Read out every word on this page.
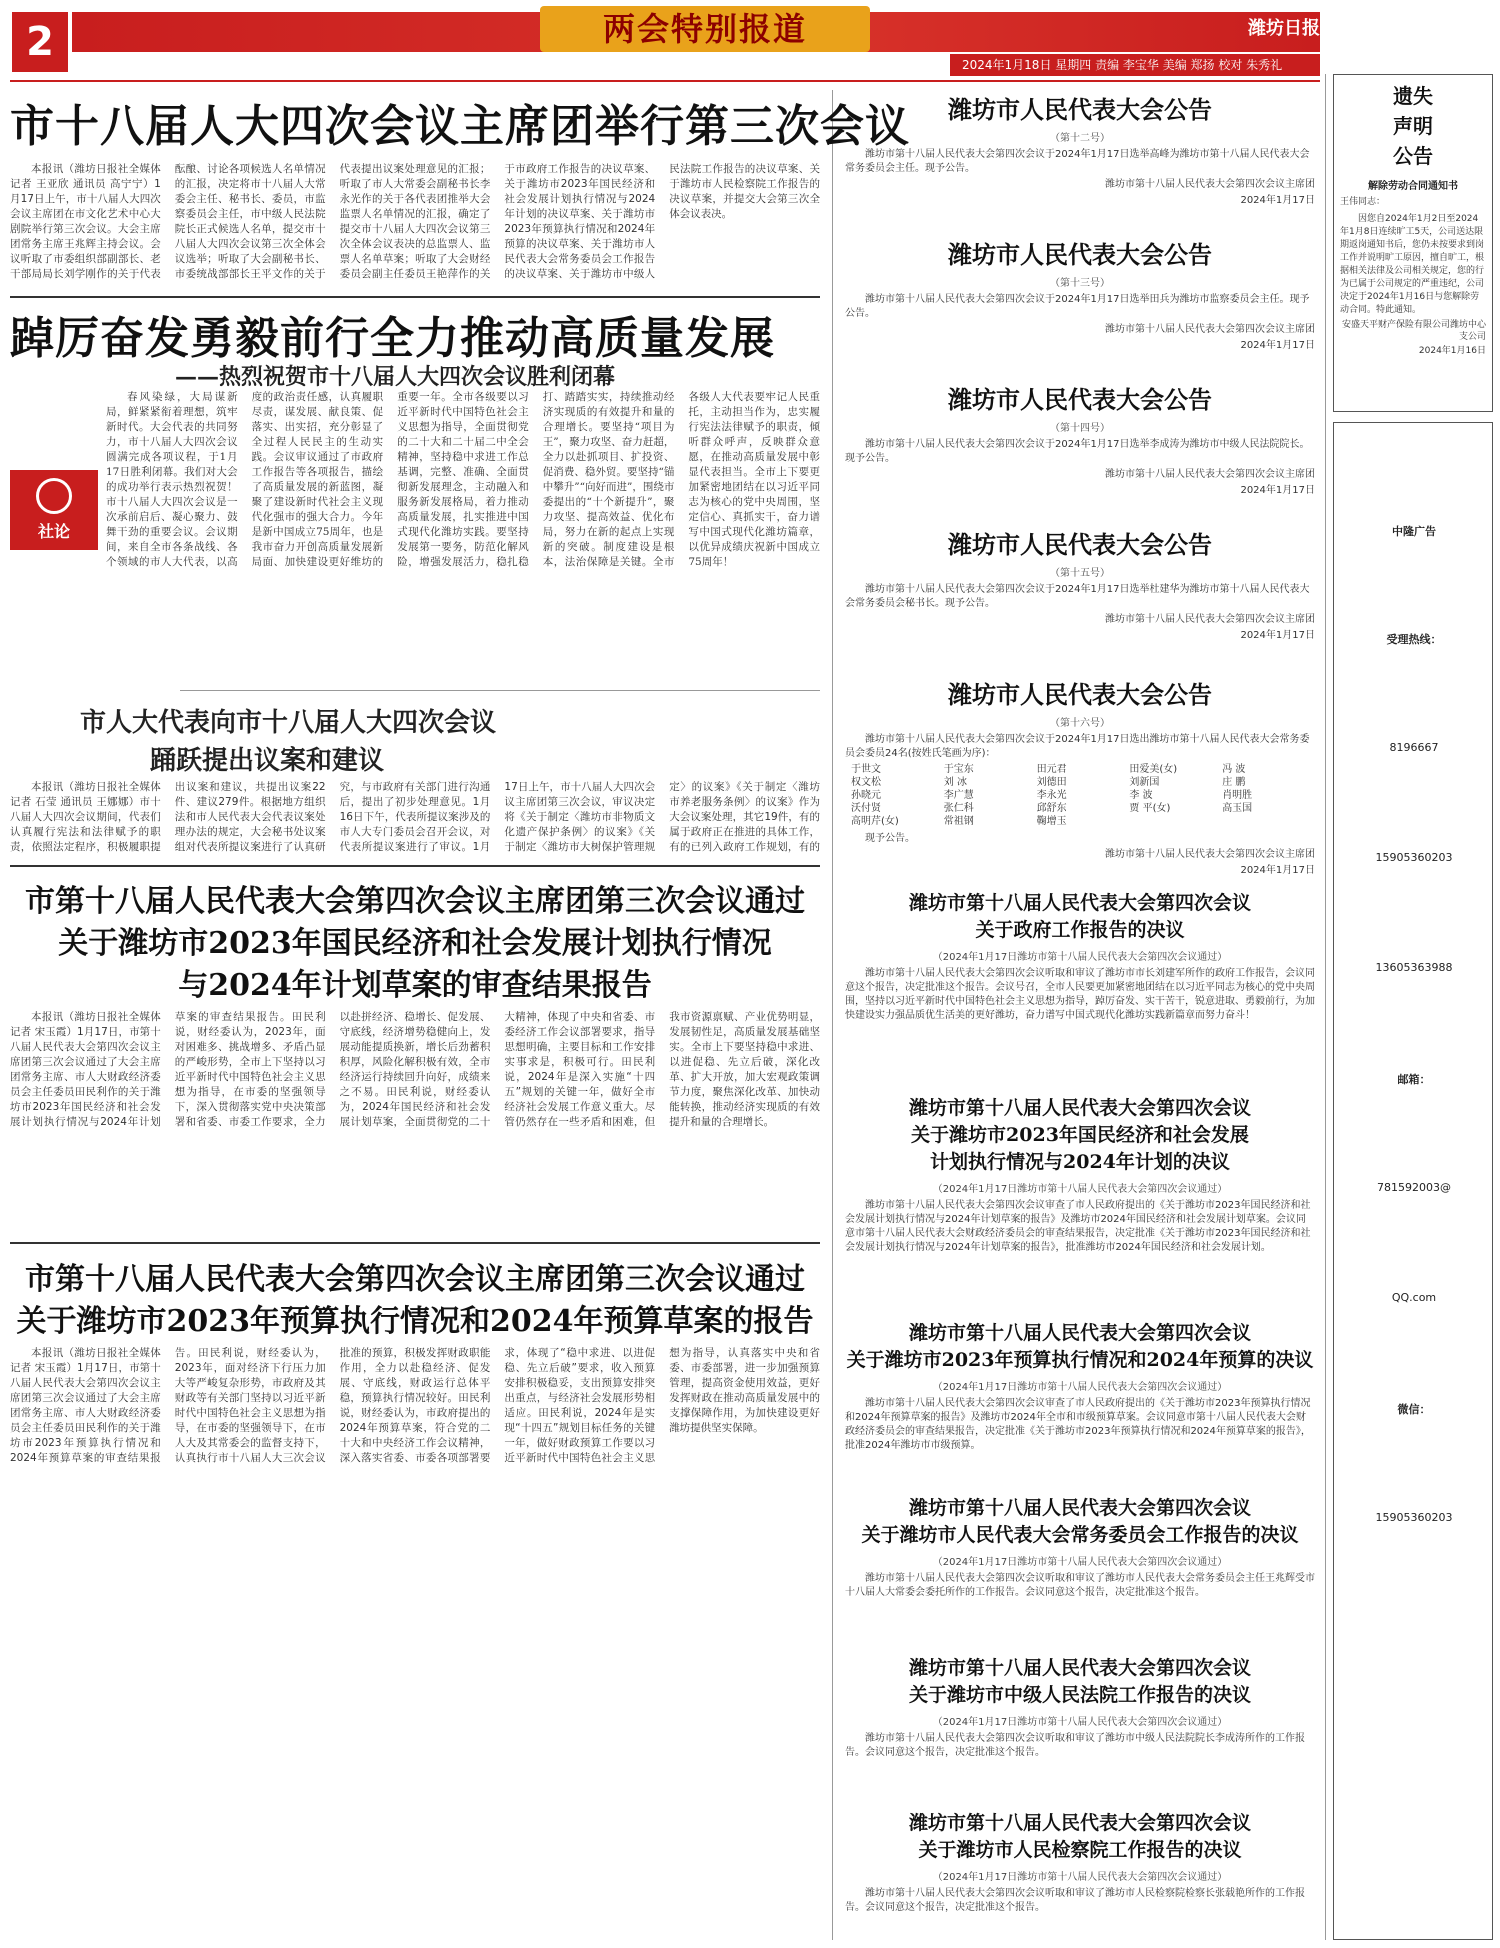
2	两会特别报道	潍坊日报
2024年1月18日 星期四 责编 李宝华 美编 郑扬 校对 朱秀礼
市十八届人大四次会议主席团举行第三次会议

本报讯（潍坊日报社全媒体记者 王亚欣 通讯员 高宁宁）1月17日上午，市十八届人大四次会议主席团在市文化艺术中心大剧院举行第三次会议。大会主席团常务主席王兆辉主持会议。会议听取了市委组织部副部长、老干部局局长刘学刚作的关于代表酝酿、讨论各项候选人名单情况的汇报，决定将市十八届人大常委会主任、秘书长、委员，市监察委员会主任，市中级人民法院院长正式候选人名单，提交市十八届人大四次会议第三次全体会议选举；听取了大会副秘书长、市委统战部部长王平文作的关于代表提出议案处理意见的汇报；听取了市人大常委会副秘书长李永光作的关于各代表团推举大会监票人名单情况的汇报，确定了提交市十八届人大四次会议第三次全体会议表决的总监票人、监票人名单草案；听取了大会财经委员会副主任委员王艳萍作的关于市政府工作报告的决议草案、关于潍坊市2023年国民经济和社会发展计划执行情况与2024年计划的决议草案、关于潍坊市2023年预算执行情况和2024年预算的决议草案、关于潍坊市人民代表大会常务委员会工作报告的决议草案、关于潍坊市中级人民法院工作报告的决议草案、关于潍坊市人民检察院工作报告的决议草案，并提交大会第三次全体会议表决。

踔厉奋发勇毅前行全力推动高质量发展
——热烈祝贺市十八届人大四次会议胜利闭幕
社论

春风染绿，大局谋新局，鲜紧紧衔着理想，筑牢新时代。大会代表的共同努力，市十八届人大四次会议圆满完成各项议程，于1月17日胜利闭幕。我们对大会的成功举行表示热烈祝贺！市十八届人大四次会议是一次承前启后、凝心聚力、鼓舞干劲的重要会议。会议期间，来自全市各条战线、各个领域的市人大代表，以高度的政治责任感，认真履职尽责，谋发展、献良策、促落实、出实招，充分彰显了全过程人民民主的生动实践。会议审议通过了市政府工作报告等各项报告，描绘了高质量发展的新蓝图，凝聚了建设新时代社会主义现代化强市的强大合力。今年是新中国成立75周年，也是我市奋力开创高质量发展新局面、加快建设更好维坊的重要一年。全市各级要以习近平新时代中国特色社会主义思想为指导，全面贯彻党的二十大和二十届二中全会精神，坚持稳中求进工作总基调，完整、准确、全面贯彻新发展理念，主动融入和服务新发展格局，着力推动高质量发展，扎实推进中国式现代化潍坊实践。要坚持发展第一要务，防范化解风险，增强发展活力，稳扎稳打、踏踏实实，持续推动经济实现质的有效提升和量的合理增长。要坚持“项目为王”，聚力攻坚、奋力赶超，全力以赴抓项目、扩投资、促消费、稳外贸。要坚持“锚中攀升”“向好而进”，围绕市委提出的“十个新提升”，聚力攻坚、提高效益、优化布局，努力在新的起点上实现新的突破。制度建设是根本，法治保障是关键。全市各级人大代表要牢记人民重托，主动担当作为，忠实履行宪法法律赋予的职责，倾听群众呼声，反映群众意愿，在推动高质量发展中彰显代表担当。全市上下要更加紧密地团结在以习近平同志为核心的党中央周围，坚定信心、真抓实干，奋力谱写中国式现代化潍坊篇章，以优异成绩庆祝新中国成立75周年！

市人大代表向市十八届人大四次会议
踊跃提出议案和建议

本报讯（潍坊日报社全媒体记者 石莹 通讯员 王娜娜）市十八届人大四次会议期间，代表们认真履行宪法和法律赋予的职责，依照法定程序，积极履职提出议案和建议，共提出议案22件、建议279件。根据地方组织法和市人民代表大会代表议案处理办法的规定，大会秘书处议案组对代表所提议案进行了认真研究，与市政府有关部门进行沟通后，提出了初步处理意见。1月16日下午，代表所提议案涉及的市人大专门委员会召开会议，对代表所提议案进行了审议。1月17日上午，市十八届人大四次会议主席团第三次会议，审议决定将《关于制定〈潍坊市非物质文化遗产保护条例〉的议案》《关于制定〈潍坊市大树保护管理规定〉的议案》《关于制定〈潍坊市养老服务条例〉的议案》作为大会议案处理，其它19件，有的属于政府正在推进的具体工作，有的已列入政府工作规划，有的

市第十八届人民代表大会第四次会议主席团第三次会议通过
关于潍坊市2023年国民经济和社会发展计划执行情况
与2024年计划草案的审查结果报告

本报讯（潍坊日报社全媒体记者 宋玉霞）1月17日，市第十八届人民代表大会第四次会议主席团第三次会议通过了大会主席团常务主席、市人大财政经济委员会主任委员田民利作的关于潍坊市2023年国民经济和社会发展计划执行情况与2024年计划草案的审查结果报告。田民利说，财经委认为，2023年，面对困难多、挑战增多、矛盾凸显的严峻形势，全市上下坚持以习近平新时代中国特色社会主义思想为指导，在市委的坚强领导下，深入贯彻落实党中央决策部署和省委、市委工作要求，全力以赴拼经济、稳增长、促发展、守底线，经济增势稳健向上，发展动能提质换新，增长后劲蓄积积厚，风险化解积极有效，全市经济运行持续回升向好，成绩来之不易。田民利说，财经委认为，2024年国民经济和社会发展计划草案，全面贯彻党的二十大精神，体现了中央和省委、市委经济工作会议部署要求，指导思想明确，主要目标和工作安排实事求是，积极可行。田民利说，2024年是深入实施“十四五”规划的关键一年，做好全市经济社会发展工作意义重大。尽管仍然存在一些矛盾和困难，但我市资源禀赋、产业优势明显，发展韧性足，高质量发展基础坚实。全市上下要坚持稳中求进、以进促稳、先立后破，深化改革、扩大开放，加大宏观政策调节力度，聚焦深化改革、加快动能转换，推动经济实现质的有效提升和量的合理增长。

市第十八届人民代表大会第四次会议主席团第三次会议通过
关于潍坊市2023年预算执行情况和2024年预算草案的报告

本报讯（潍坊日报社全媒体记者 宋玉霞）1月17日，市第十八届人民代表大会第四次会议主席团第三次会议通过了大会主席团常务主席、市人大财政经济委员会主任委员田民利作的关于潍坊市2023年预算执行情况和2024年预算草案的审查结果报告。田民利说，财经委认为，2023年，面对经济下行压力加大等严峻复杂形势，市政府及其财政等有关部门坚持以习近平新时代中国特色社会主义思想为指导，在市委的坚强领导下，在市人大及其常委会的监督支持下，认真执行市十八届人大三次会议批准的预算，积极发挥财政职能作用，全力以赴稳经济、促发展、守底线，财政运行总体平稳，预算执行情况较好。田民利说，财经委认为，市政府提出的2024年预算草案，符合党的二十大和中央经济工作会议精神，深入落实省委、市委各项部署要求，体现了“稳中求进、以进促稳、先立后破”要求，收入预算安排积极稳妥，支出预算安排突出重点，与经济社会发展形势相适应。田民利说，2024年是实现“十四五”规划目标任务的关键一年，做好财政预算工作要以习近平新时代中国特色社会主义思想为指导，认真落实中央和省委、市委部署，进一步加强预算管理，提高资金使用效益，更好发挥财政在推动高质量发展中的支撑保障作用，为加快建设更好潍坊提供坚实保障。

潍坊市人民代表大会公告
（第十二号）
潍坊市第十八届人民代表大会第四次会议于2024年1月17日选举高峰为潍坊市第十八届人民代表大会常务委员会主任。现予公告。
潍坊市第十八届人民代表大会第四次会议主席团
2024年1月17日
潍坊市人民代表大会公告
（第十三号）
潍坊市第十八届人民代表大会第四次会议于2024年1月17日选举田兵为潍坊市监察委员会主任。现予公告。
潍坊市第十八届人民代表大会第四次会议主席团
2024年1月17日
潍坊市人民代表大会公告
（第十四号）
潍坊市第十八届人民代表大会第四次会议于2024年1月17日选举李成涛为潍坊市中级人民法院院长。现予公告。
潍坊市第十八届人民代表大会第四次会议主席团
2024年1月17日
潍坊市人民代表大会公告
（第十五号）
潍坊市第十八届人民代表大会第四次会议于2024年1月17日选举杜建华为潍坊市第十八届人民代表大会常务委员会秘书长。现予公告。
潍坊市第十八届人民代表大会第四次会议主席团
2024年1月17日
潍坊市人民代表大会公告
（第十六号）
潍坊市第十八届人民代表大会第四次会议于2024年1月17日选出潍坊市第十八届人民代表大会常务委员会委员24名(按姓氏笔画为序)：
于世文	于宝东	田元君	田爱美(女)	冯 波
权文松	刘 冰	刘德田	刘新国	庄 鹏
孙晓元	李广慧	李永光	李 波	肖明胜
沃付贤	张仁科	邱舒东	贾 平(女)	高玉国
高明芹(女)	常祖钢	鞠增玉
现予公告。
潍坊市第十八届人民代表大会第四次会议主席团
2024年1月17日
潍坊市第十八届人民代表大会第四次会议
关于政府工作报告的决议
（2024年1月17日潍坊市第十八届人民代表大会第四次会议通过）
潍坊市第十八届人民代表大会第四次会议听取和审议了潍坊市市长刘建军所作的政府工作报告，会议同意这个报告，决定批准这个报告。会议号召，全市人民要更加紧密地团结在以习近平同志为核心的党中央周围，坚持以习近平新时代中国特色社会主义思想为指导，踔厉奋发、实干苦干，锐意进取、勇毅前行，为加快建设实力强品质优生活美的更好潍坊，奋力谱写中国式现代化潍坊实践新篇章而努力奋斗！
潍坊市第十八届人民代表大会第四次会议
关于潍坊市2023年国民经济和社会发展
计划执行情况与2024年计划的决议
（2024年1月17日潍坊市第十八届人民代表大会第四次会议通过）
潍坊市第十八届人民代表大会第四次会议审查了市人民政府提出的《关于潍坊市2023年国民经济和社会发展计划执行情况与2024年计划草案的报告》及潍坊市2024年国民经济和社会发展计划草案。会议同意市第十八届人民代表大会财政经济委员会的审查结果报告，决定批准《关于潍坊市2023年国民经济和社会发展计划执行情况与2024年计划草案的报告》，批准潍坊市2024年国民经济和社会发展计划。
潍坊市第十八届人民代表大会第四次会议
关于潍坊市2023年预算执行情况和2024年预算的决议
（2024年1月17日潍坊市第十八届人民代表大会第四次会议通过）
潍坊市第十八届人民代表大会第四次会议审查了市人民政府提出的《关于潍坊市2023年预算执行情况和2024年预算草案的报告》及潍坊市2024年全市和市级预算草案。会议同意市第十八届人民代表大会财政经济委员会的审查结果报告，决定批准《关于潍坊市2023年预算执行情况和2024年预算草案的报告》，批准2024年潍坊市市级预算。
潍坊市第十八届人民代表大会第四次会议
关于潍坊市人民代表大会常务委员会工作报告的决议
（2024年1月17日潍坊市第十八届人民代表大会第四次会议通过）
潍坊市第十八届人民代表大会第四次会议听取和审议了潍坊市人民代表大会常务委员会主任王兆辉受市十八届人大常委会委托所作的工作报告。会议同意这个报告，决定批准这个报告。
潍坊市第十八届人民代表大会第四次会议
关于潍坊市中级人民法院工作报告的决议
（2024年1月17日潍坊市第十八届人民代表大会第四次会议通过）
潍坊市第十八届人民代表大会第四次会议听取和审议了潍坊市中级人民法院院长李成涛所作的工作报告。会议同意这个报告，决定批准这个报告。
潍坊市第十八届人民代表大会第四次会议
关于潍坊市人民检察院工作报告的决议
（2024年1月17日潍坊市第十八届人民代表大会第四次会议通过）
潍坊市第十八届人民代表大会第四次会议听取和审议了潍坊市人民检察院检察长张载艳所作的工作报告。会议同意这个报告，决定批准这个报告。
遗失
声明
公告
解除劳动合同通知书
王伟同志：
因您自2024年1月2日至2024年1月8日连续旷工5天，公司送达限期返岗通知书后，您仍未按要求到岗工作并说明旷工原因，擅自旷工，根据相关法律及公司相关规定，您的行为已属于公司规定的严重违纪，公司决定于2024年1月16日与您解除劳动合同。特此通知。
安盛天平财产保险有限公司潍坊中心支公司
2024年1月16日
中隆广告
受理热线：
8196667
15905360203
13605363988
邮箱：
781592003@
QQ.com
微信：
15905360203
